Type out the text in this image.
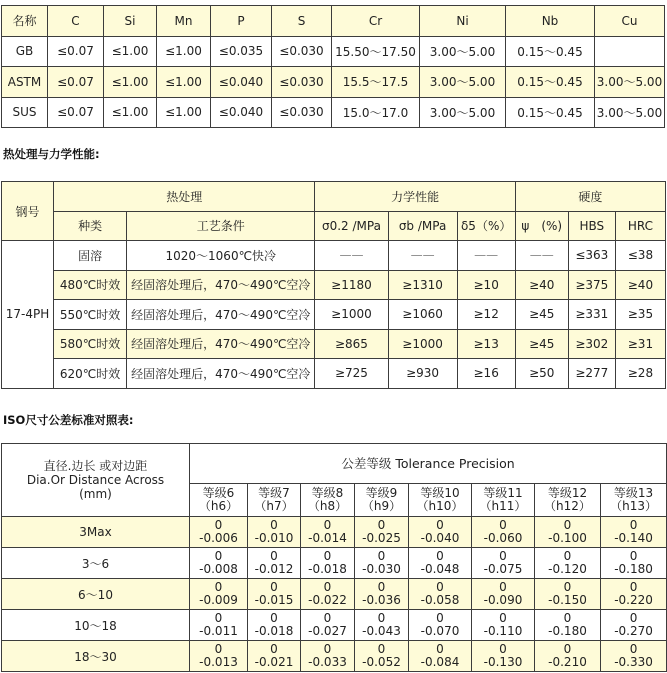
名称	C	Si	Mn	P	S	Cr	Ni	Nb	Cu
GB	≤0.07	≤1.00	≤1.00	≤0.035	≤0.030	15.50～17.50	3.00～5.00	0.15～0.45	
ASTM	≤0.07	≤1.00	≤1.00	≤0.040	≤0.030	15.5～17.5	3.00～5.00	0.15～0.45	3.00～5.00
SUS	≤0.07	≤1.00	≤1.00	≤0.040	≤0.030	15.0～17.0	3.00～5.00	0.15～0.45	3.00～5.00
热处理与力学性能:
钢号	热处理		力学性能			硬度		
	种类	工艺条件	σ0.2 /MPa	σb /MPa	δ5（%）	ψ　(%)	HBS	HRC
17-4PH	固溶	1020～1060℃快冷	——	——	——	——	≤363	≤38
	480℃时效	经固溶处理后，470～490℃空冷	≥1180	≥1310	≥10	≥40	≥375	≥40
	550℃时效	经固溶处理后，470～490℃空冷	≥1000	≥1060	≥12	≥45	≥331	≥35
	580℃时效	经固溶处理后，470～490℃空冷	≥865	≥1000	≥13	≥45	≥302	≥31
	620℃时效	经固溶处理后，470～490℃空冷	≥725	≥930	≥16	≥50	≥277	≥28
ISO尺寸公差标准对照表:
直径.边长 或对边距
Dia.Or Distance Across
(mm)	公差等级 Tolerance Precision							

	等级6
（h6）	等级7
（h7）	等级8
（h8）	等级9
（h9）	等级10
（h10）	等级11
（h11）	等级12
（h12）	等级13
（h13）

3Max	0
-0.006	0
-0.010	0
-0.014	0
-0.025	0
-0.040	0
-0.060	0
-0.100	0
-0.140

3～6	0
-0.008	0
-0.012	0
-0.018	0
-0.030	0
-0.048	0
-0.075	0
-0.120	0
-0.180

6～10	0
-0.009	0
-0.015	0
-0.022	0
-0.036	0
-0.058	0
-0.090	0
-0.150	0
-0.220

10～18	0
-0.011	0
-0.018	0
-0.027	0
-0.043	0
-0.070	0
-0.110	0
-0.180	0
-0.270

18～30	0
-0.013	0
-0.021	0
-0.033	0
-0.052	0
-0.084	0
-0.130	0
-0.210	0
-0.330
